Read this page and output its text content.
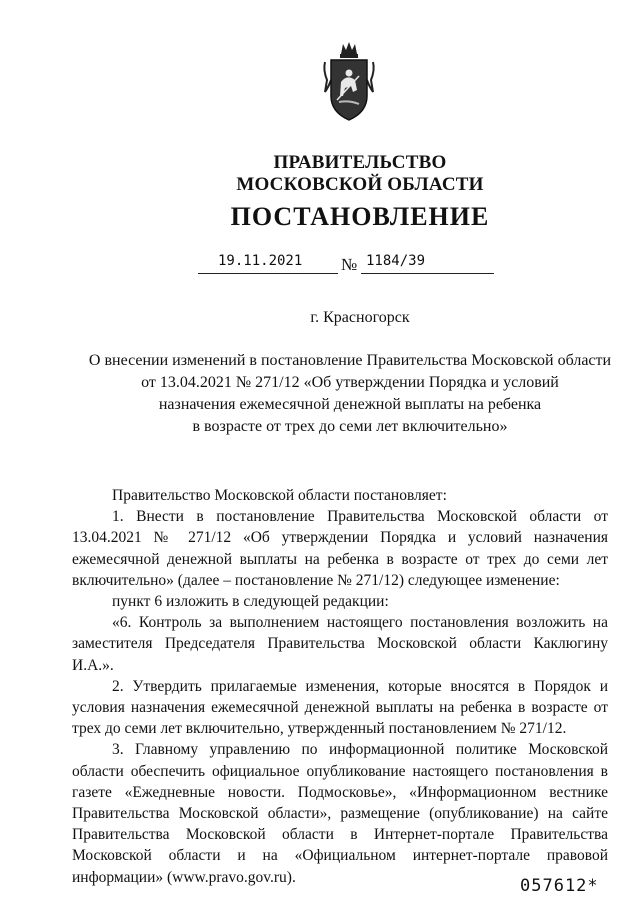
ПРАВИТЕЛЬСТВО
МОСКОВСКОЙ ОБЛАСТИ
ПОСТАНОВЛЕНИЕ
19.11.2021 № 1184/39
г. Красногорск
О внесении изменений в постановление Правительства Московской области
от 13.04.2021 № 271/12 «Об утверждении Порядка и условий
назначения ежемесячной денежной выплаты на ребенка
в возрасте от трех до семи лет включительно»

Правительство Московской области постановляет:

1. Внести в постановление Правительства Московской области от 13.04.2021 № 271/12 «Об утверждении Порядка и условий назначения ежемесячной денежной выплаты на ребенка в возрасте от трех до семи лет включительно» (далее – постановление № 271/12) следующее изменение:

пункт 6 изложить в следующей редакции:

«6. Контроль за выполнением настоящего постановления возложить на заместителя Председателя Правительства Московской области Каклюгину И.А.».

2. Утвердить прилагаемые изменения, которые вносятся в Порядок и условия назначения ежемесячной денежной выплаты на ребенка в возрасте от трех до семи лет включительно, утвержденный постановлением № 271/12.

3. Главному управлению по информационной политике Московской области обеспечить официальное опубликование настоящего постановления в газете «Ежедневные новости. Подмосковье», «Информационном вестнике Правительства Московской области», размещение (опубликование) на сайте Правительства Московской области в Интернет-портале Правительства Московской области и на «Официальном интернет-портале правовой информации» (www.pravo.gov.ru).	057612*
